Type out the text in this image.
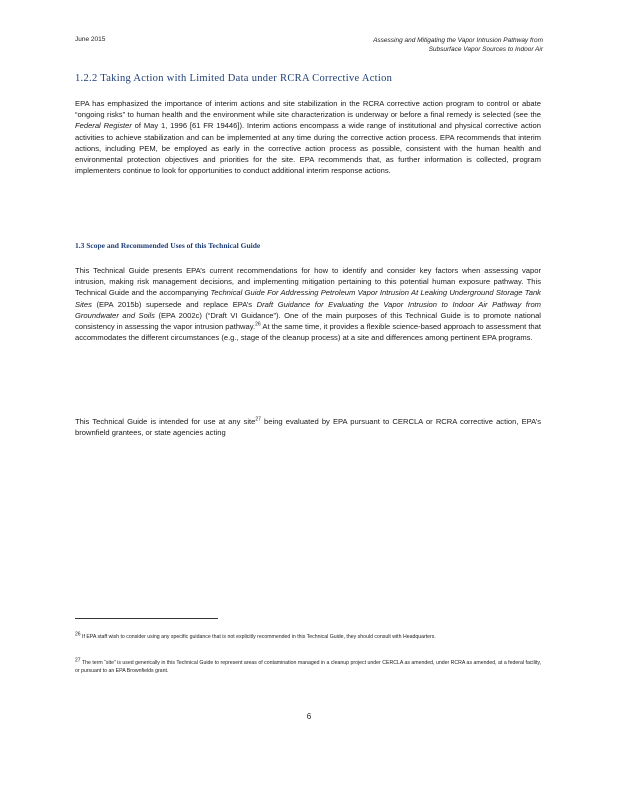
June 2015	Assessing and Mitigating the Vapor Intrusion Pathway from
Subsurface Vapor Sources to Indoor Air
1.2.2 Taking Action with Limited Data under RCRA Corrective Action

EPA has emphasized the importance of interim actions and site stabilization in the RCRA corrective action program to control or abate “ongoing risks” to human health and the environment while site characterization is underway or before a final remedy is selected (see the Federal Register of May 1, 1996 [61 FR 19446]). Interim actions encompass a wide range of institutional and physical corrective action activities to achieve stabilization and can be implemented at any time during the corrective action process. EPA recommends that interim actions, including PEM, be employed as early in the corrective action process as possible, consistent with the human health and environmental protection objectives and priorities for the site. EPA recommends that, as further information is collected, program implementers continue to look for opportunities to conduct additional interim response actions.

1.3 Scope and Recommended Uses of this Technical Guide

This Technical Guide presents EPA’s current recommendations for how to identify and consider key factors when assessing vapor intrusion, making risk management decisions, and implementing mitigation pertaining to this potential human exposure pathway. This Technical Guide and the accompanying Technical Guide For Addressing Petroleum Vapor Intrusion At Leaking Underground Storage Tank Sites (EPA 2015b) supersede and replace EPA’s Draft Guidance for Evaluating the Vapor Intrusion to Indoor Air Pathway from Groundwater and Soils (EPA 2002c) (“Draft VI Guidance”). One of the main purposes of this Technical Guide is to promote national consistency in assessing the vapor intrusion pathway.$^{26}$ At the same time, it provides a flexible science-based approach to assessment that accommodates the different circumstances (e.g., stage of the cleanup process) at a site and differences among pertinent EPA programs.

This Technical Guide is intended for use at any site$^{27}$ being evaluated by EPA pursuant to CERCLA or RCRA corrective action, EPA’s brownfield grantees, or state agencies acting

26 If EPA staff wish to consider using any specific guidance that is not explicitly recommended in this Technical Guide, they should consult with Headquarters.
27 The term “site” is used generically in this Technical Guide to represent areas of contamination managed in a cleanup project under CERCLA as amended, under RCRA as amended, at a federal facility, or pursuant to an EPA Brownfields grant.
6
